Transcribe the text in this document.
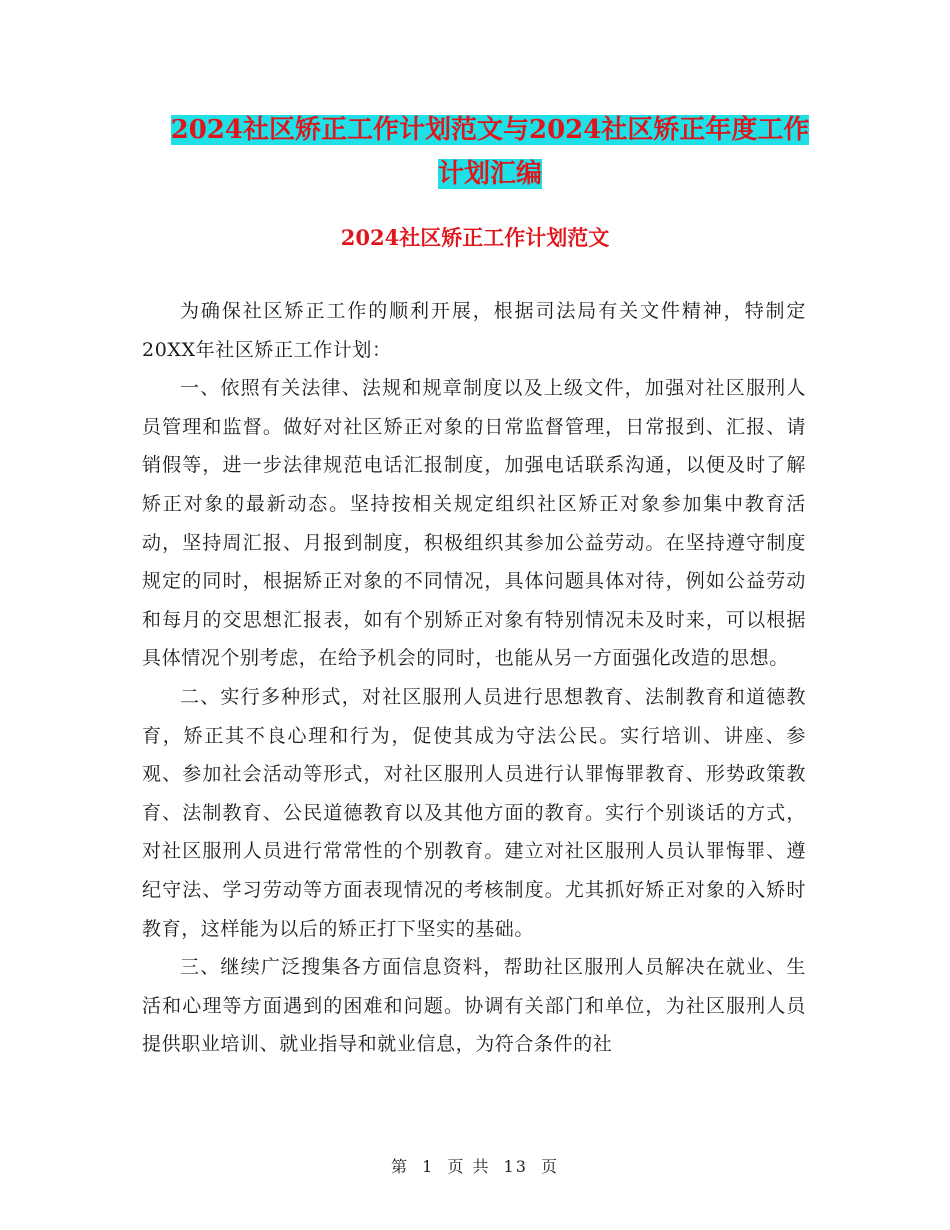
2024社区矫正工作计划范文与2024社区矫正年度工作
计划汇编
2024社区矫正工作计划范文

为确保社区矫正工作的顺利开展，根据司法局有关文件精神，特制定20XX年社区矫正工作计划：

一、依照有关法律、法规和规章制度以及上级文件，加强对社区服刑人员管理和监督。做好对社区矫正对象的日常监督管理，日常报到、汇报、请销假等，进一步法律规范电话汇报制度，加强电话联系沟通，以便及时了解矫正对象的最新动态。坚持按相关规定组织社区矫正对象参加集中教育活动，坚持周汇报、月报到制度，积极组织其参加公益劳动。在坚持遵守制度规定的同时，根据矫正对象的不同情况，具体问题具体对待，例如公益劳动和每月的交思想汇报表，如有个别矫正对象有特别情况未及时来，可以根据具体情况个别考虑，在给予机会的同时，也能从另一方面强化改造的思想。

二、实行多种形式，对社区服刑人员进行思想教育、法制教育和道德教育，矫正其不良心理和行为，促使其成为守法公民。实行培训、讲座、参观、参加社会活动等形式，对社区服刑人员进行认罪悔罪教育、形势政策教育、法制教育、公民道德教育以及其他方面的教育。实行个别谈话的方式，对社区服刑人员进行常常性的个别教育。建立对社区服刑人员认罪悔罪、遵纪守法、学习劳动等方面表现情况的考核制度。尤其抓好矫正对象的入矫时教育，这样能为以后的矫正打下坚实的基础。

三、继续广泛搜集各方面信息资料，帮助社区服刑人员解决在就业、生活和心理等方面遇到的困难和问题。协调有关部门和单位，为社区服刑人员提供职业培训、就业指导和就业信息，为符合条件的社

第 1 页 共 13 页
